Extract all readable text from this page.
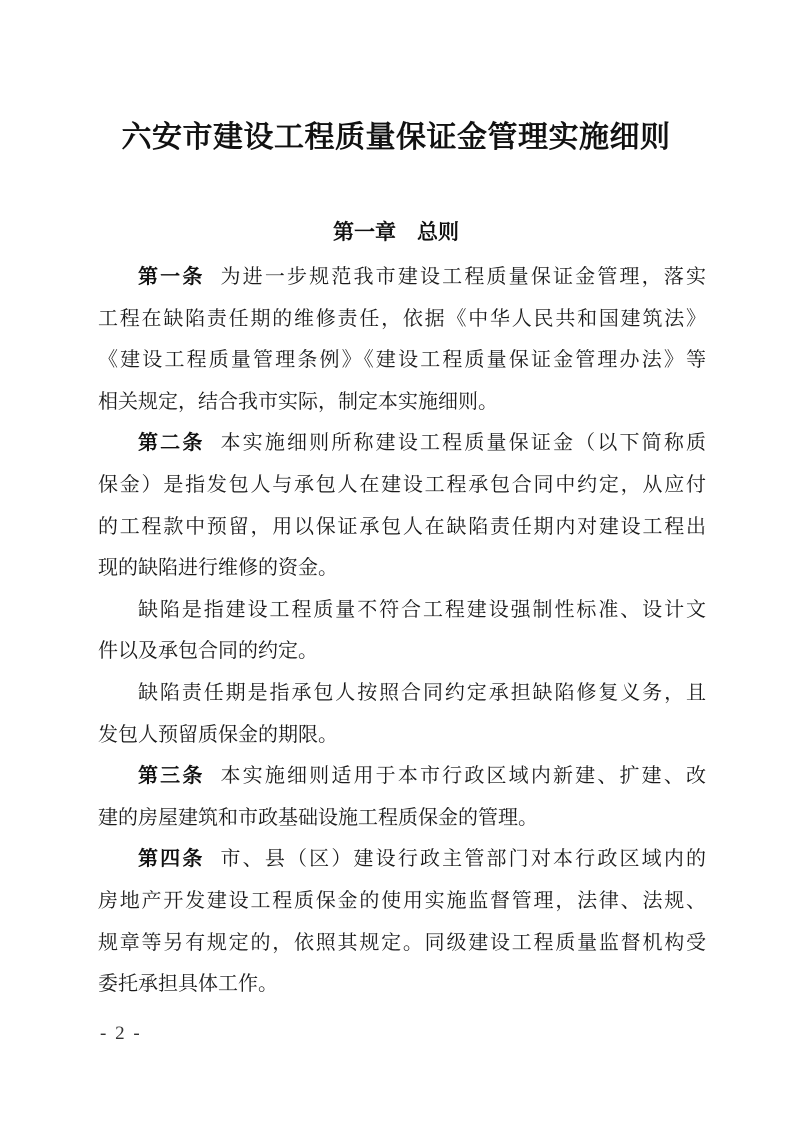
六安市建设工程质量保证金管理实施细则
第一章　总则
第一条 为进一步规范我市建设工程质量保证金管理，落实
工程在缺陷责任期的维修责任，依据《中华人民共和国建筑法》
《建设工程质量管理条例》《建设工程质量保证金管理办法》等
相关规定，结合我市实际，制定本实施细则。
第二条 本实施细则所称建设工程质量保证金（以下简称质
保金）是指发包人与承包人在建设工程承包合同中约定，从应付
的工程款中预留，用以保证承包人在缺陷责任期内对建设工程出
现的缺陷进行维修的资金。
缺陷是指建设工程质量不符合工程建设强制性标准、设计文
件以及承包合同的约定。
缺陷责任期是指承包人按照合同约定承担缺陷修复义务，且
发包人预留质保金的期限。
第三条 本实施细则适用于本市行政区域内新建、扩建、改
建的房屋建筑和市政基础设施工程质保金的管理。
第四条 市、县（区）建设行政主管部门对本行政区域内的
房地产开发建设工程质保金的使用实施监督管理，法律、法规、
规章等另有规定的，依照其规定。同级建设工程质量监督机构受
委托承担具体工作。
- 2 -
